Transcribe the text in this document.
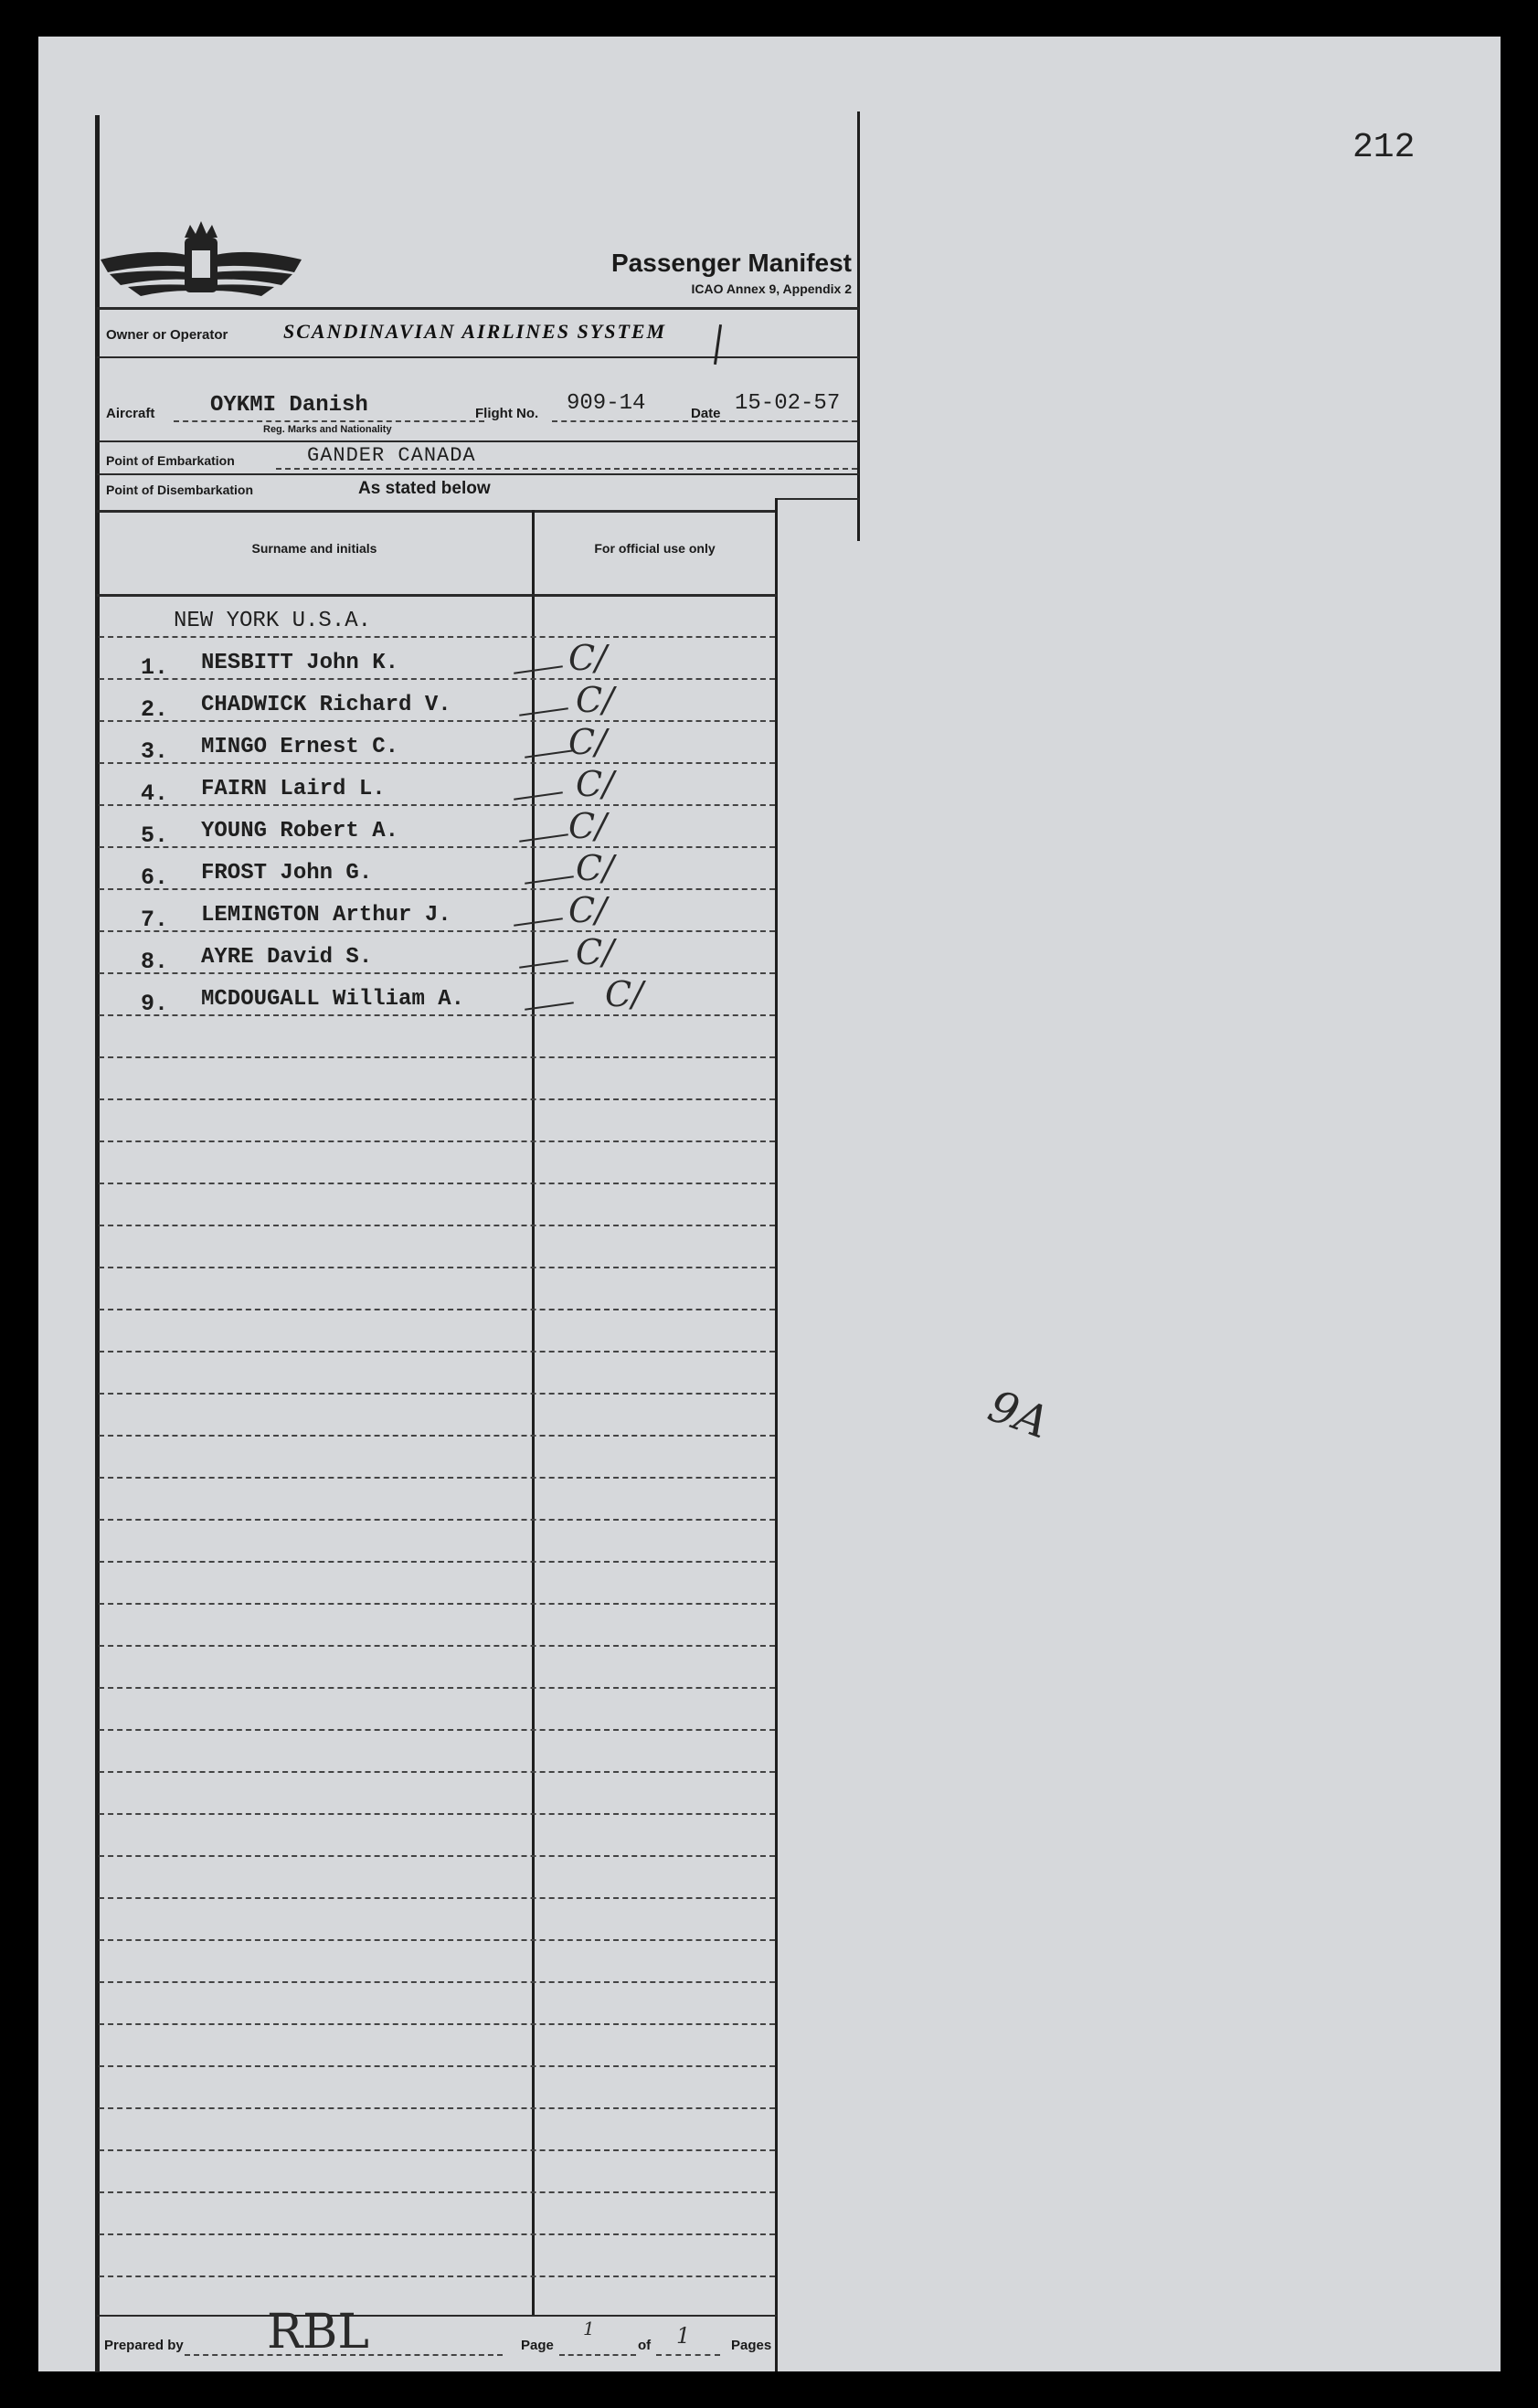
212
Passenger Manifest
ICAO Annex 9, Appendix 2
Owner or Operator	SCANDINAVIAN AIRLINES SYSTEM
Aircraft	OYKMI Danish
Reg. Marks and Nationality
Flight No. 909-14	Date 15-02-57
Point of Embarkation	GANDER CANADA
Point of Disembarkation	As stated below
Surname and initials	For official use only
NEW YORK U.S.A.
1. NESBITT John K.	C/
2. CHADWICK Richard V.	C/
3. MINGO Ernest C.	C/
4. FAIRN Laird L.	C/
5. YOUNG Robert A.	C/
6. FROST John G.	C/
7. LEMINGTON Arthur J.	C/
8. AYRE David S.	C/
9. MCDOUGALL William A.	C/
Prepared by RBL	Page
1
of 1	Pages
9A
